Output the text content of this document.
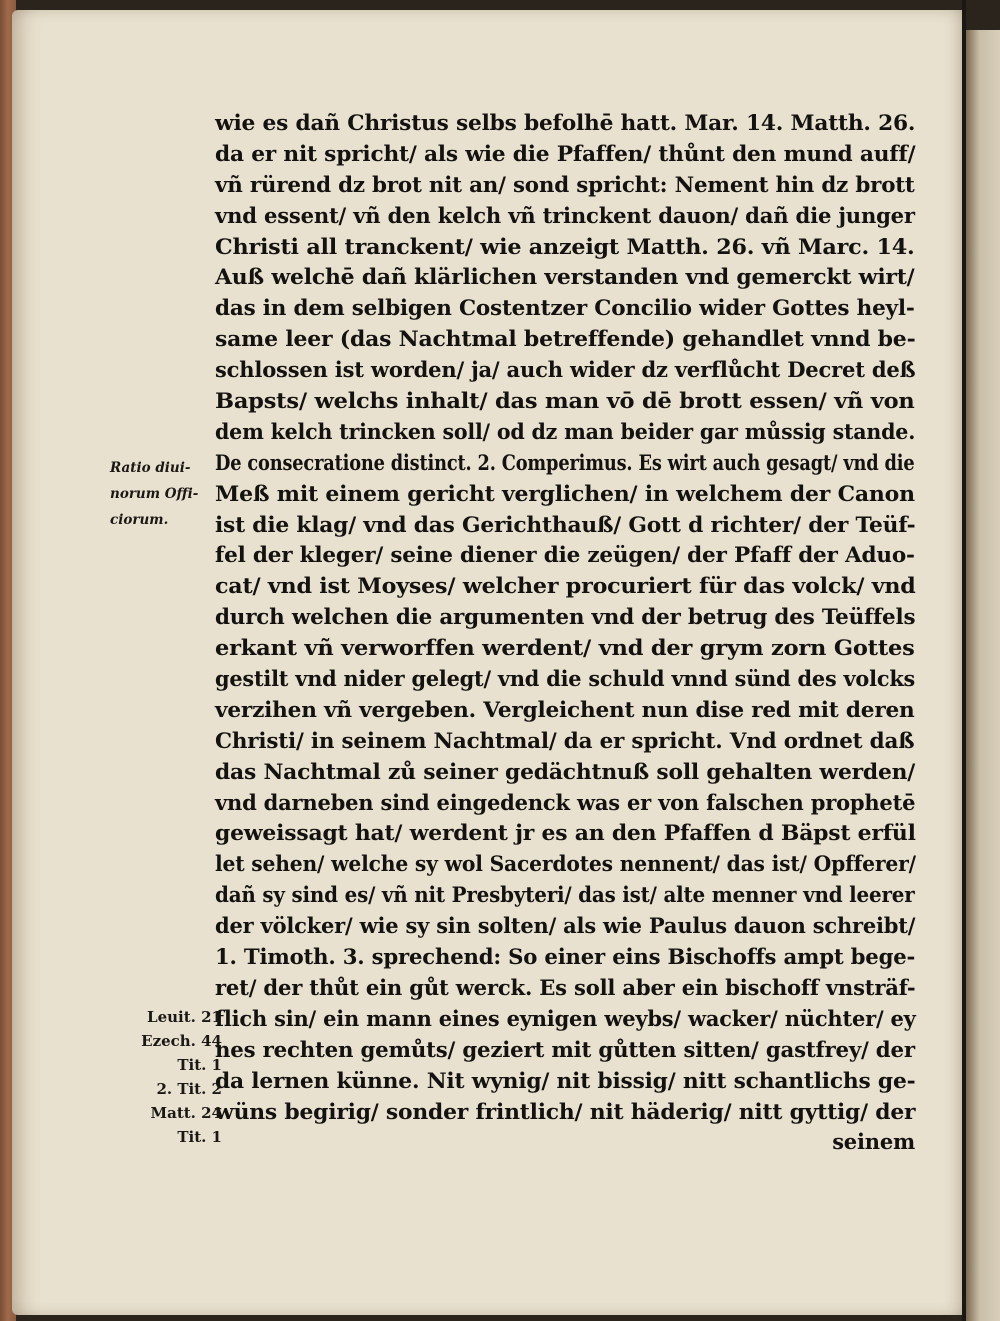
wie es dañ Christus selbs befolhē hatt. Mar. 14. Matth. 26.
da er nit spricht/ als wie die Pfaffen/ thůnt den mund auff/
vñ rürend dz brot nit an/ sond spricht: Nement hin dz brott
vnd essent/ vñ den kelch vñ trinckent dauon/ dañ die junger
Christi all tranckent/ wie anzeigt Matth. 26. vñ Marc. 14.
Auß welchē dañ klärlichen verstanden vnd gemerckt wirt/
das in dem selbigen Costentzer Concilio wider Gottes heyl-
same leer (das Nachtmal betreffende) gehandlet vnnd be-
schlossen ist worden/ ja/ auch wider dz verflůcht Decret deß
Bapsts/ welchs inhalt/ das man vō dē brott essen/ vñ von
dem kelch trincken soll/ od dz man beider gar můssig stande.
De consecratione distinct. 2. Comperimus. Es wirt auch gesagt/ vnd die
Meß mit einem gericht verglichen/ in welchem der Canon
ist die klag/ vnd das Gerichthauß/ Gott d richter/ der Teüf-
fel der kleger/ seine diener die zeügen/ der Pfaff der Aduo-
cat/ vnd ist Moyses/ welcher procuriert für das volck/ vnd
durch welchen die argumenten vnd der betrug des Teüffels
erkant vñ verworffen werdent/ vnd der grym zorn Gottes
gestilt vnd nider gelegt/ vnd die schuld vnnd sünd des volcks
verzihen vñ vergeben. Vergleichent nun dise red mit deren
Christi/ in seinem Nachtmal/ da er spricht. Vnd ordnet daß
das Nachtmal zů seiner gedächtnuß soll gehalten werden/
vnd darneben sind eingedenck was er von falschen prophetē
geweissagt hat/ werdent jr es an den Pfaffen d Bäpst erfül
let sehen/ welche sy wol Sacerdotes nennent/ das ist/ Opfferer/
dañ sy sind es/ vñ nit Presbyteri/ das ist/ alte menner vnd leerer
der völcker/ wie sy sin solten/ als wie Paulus dauon schreibt/
1. Timoth. 3. sprechend: So einer eins Bischoffs ampt bege-
ret/ der thůt ein gůt werck. Es soll aber ein bischoff vnsträf-
flich sin/ ein mann eines eynigen weybs/ wacker/ nüchter/ ey
nes rechten gemůts/ geziert mit gůtten sitten/ gastfrey/ der
da lernen künne. Nit wynig/ nit bissig/ nitt schantlichs ge-
wüns begirig/ sonder frintlich/ nit häderig/ nitt gyttig/ der
seinem
Ratio diui-
norum Offi-
ciorum.
Leuit. 21
Ezech. 44
Tit. 1
2. Tit. 2
Matt. 24
Tit. 1
